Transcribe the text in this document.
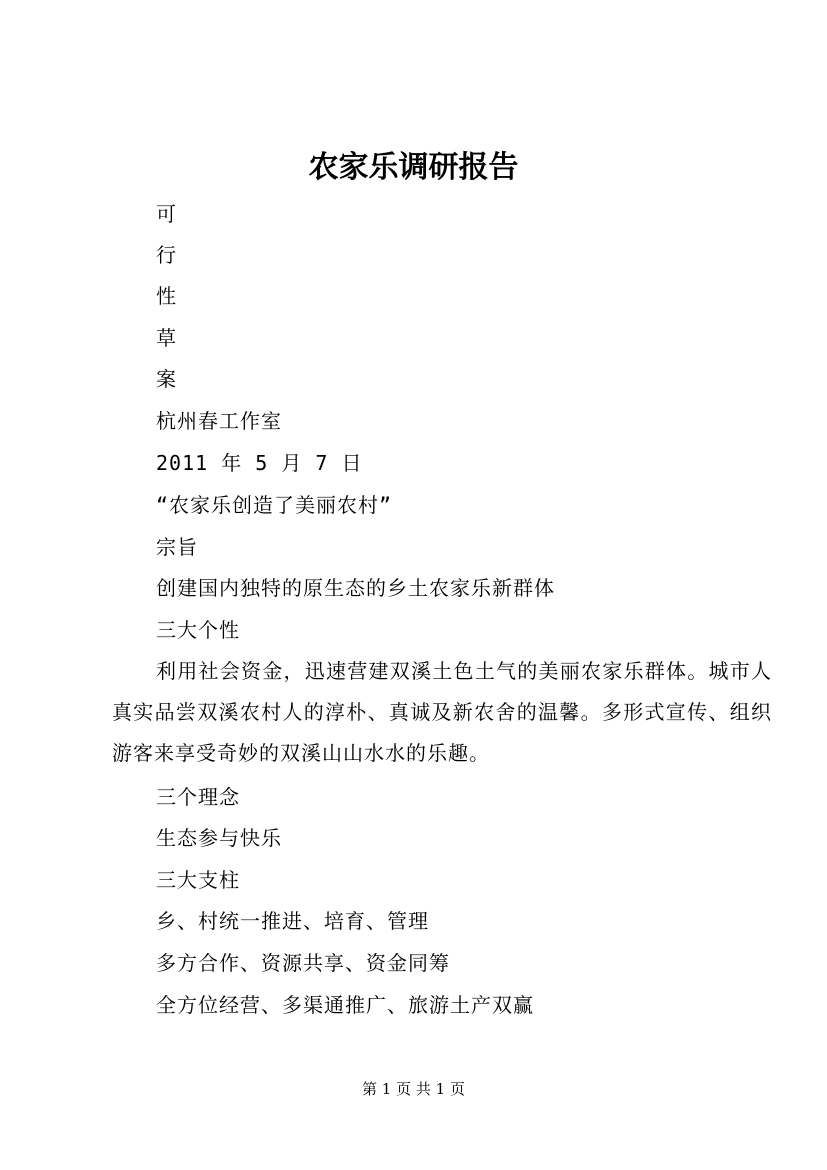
农家乐调研报告
可
行
性
草
案
杭州春工作室
2011 年 5 月 7 日
“农家乐创造了美丽农村”
宗旨
创建国内独特的原生态的乡土农家乐新群体
三大个性
利用社会资金，迅速营建双溪土色土气的美丽农家乐群体。城市人真实品尝双溪农村人的淳朴、真诚及新农舍的温馨。多形式宣传、组织游客来享受奇妙的双溪山山水水的乐趣。
三个理念
生态参与快乐
三大支柱
乡、村统一推进、培育、管理
多方合作、资源共享、资金同筹
全方位经营、多渠通推广、旅游土产双赢
第 1 页 共 1 页
